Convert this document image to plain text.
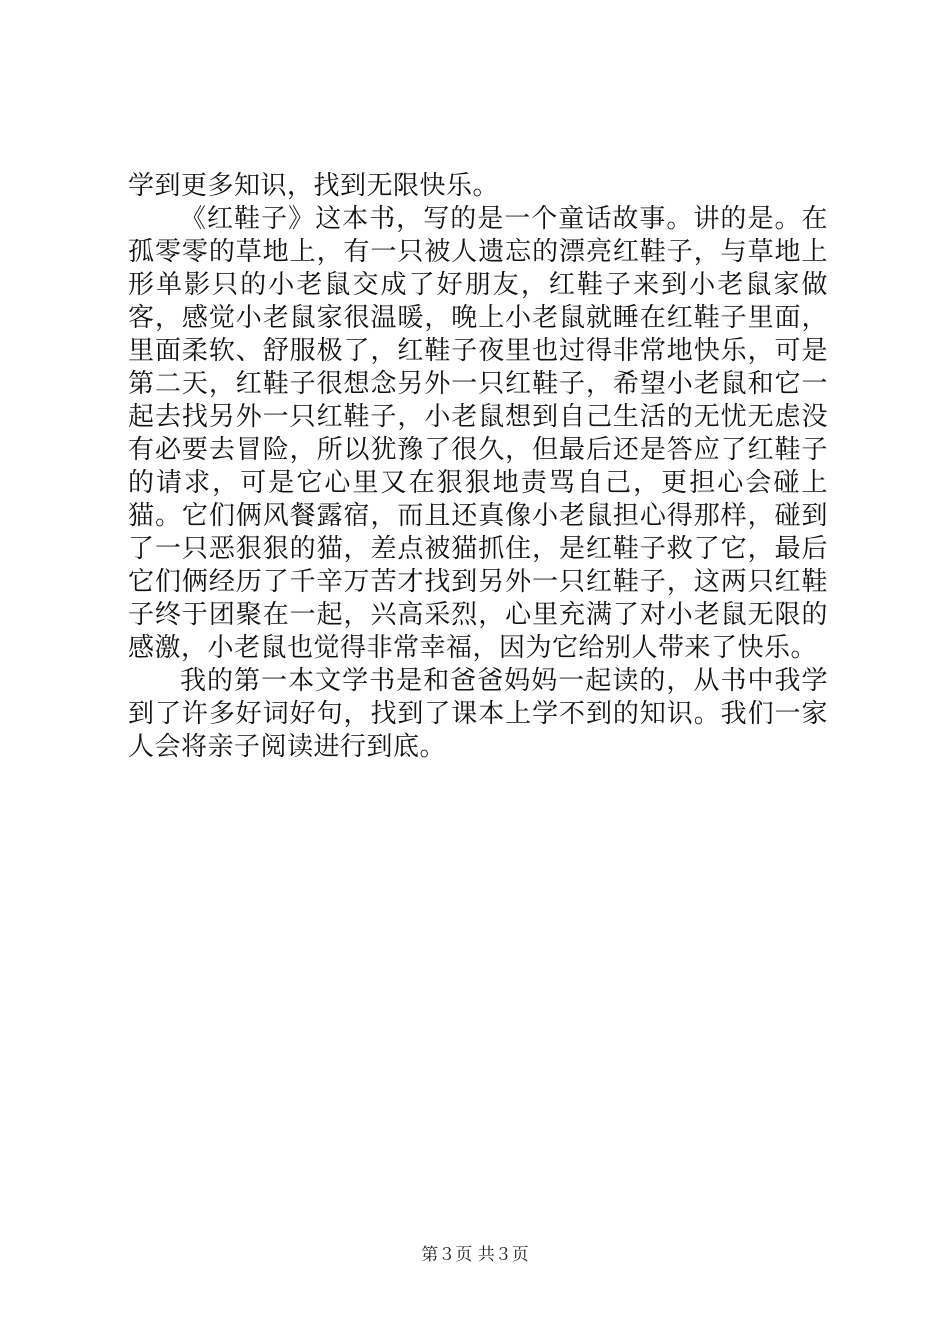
学到更多知识，找到无限快乐。

《红鞋子》这本书，写的是一个童话故事。讲的是。在孤零零的草地上，有一只被人遗忘的漂亮红鞋子，与草地上形单影只的小老鼠交成了好朋友，红鞋子来到小老鼠家做客，感觉小老鼠家很温暖，晚上小老鼠就睡在红鞋子里面，里面柔软、舒服极了，红鞋子夜里也过得非常地快乐，可是第二天，红鞋子很想念另外一只红鞋子，希望小老鼠和它一起去找另外一只红鞋子，小老鼠想到自己生活的无忧无虑没有必要去冒险，所以犹豫了很久，但最后还是答应了红鞋子的请求，可是它心里又在狠狠地责骂自己，更担心会碰上猫。它们俩风餐露宿，而且还真像小老鼠担心得那样，碰到了一只恶狠狠的猫，差点被猫抓住，是红鞋子救了它，最后它们俩经历了千辛万苦才找到另外一只红鞋子，这两只红鞋子终于团聚在一起，兴高采烈，心里充满了对小老鼠无限的感激，小老鼠也觉得非常幸福，因为它给别人带来了快乐。

我的第一本文学书是和爸爸妈妈一起读的，从书中我学到了许多好词好句，找到了课本上学不到的知识。我们一家人会将亲子阅读进行到底。

第３页 共３页
